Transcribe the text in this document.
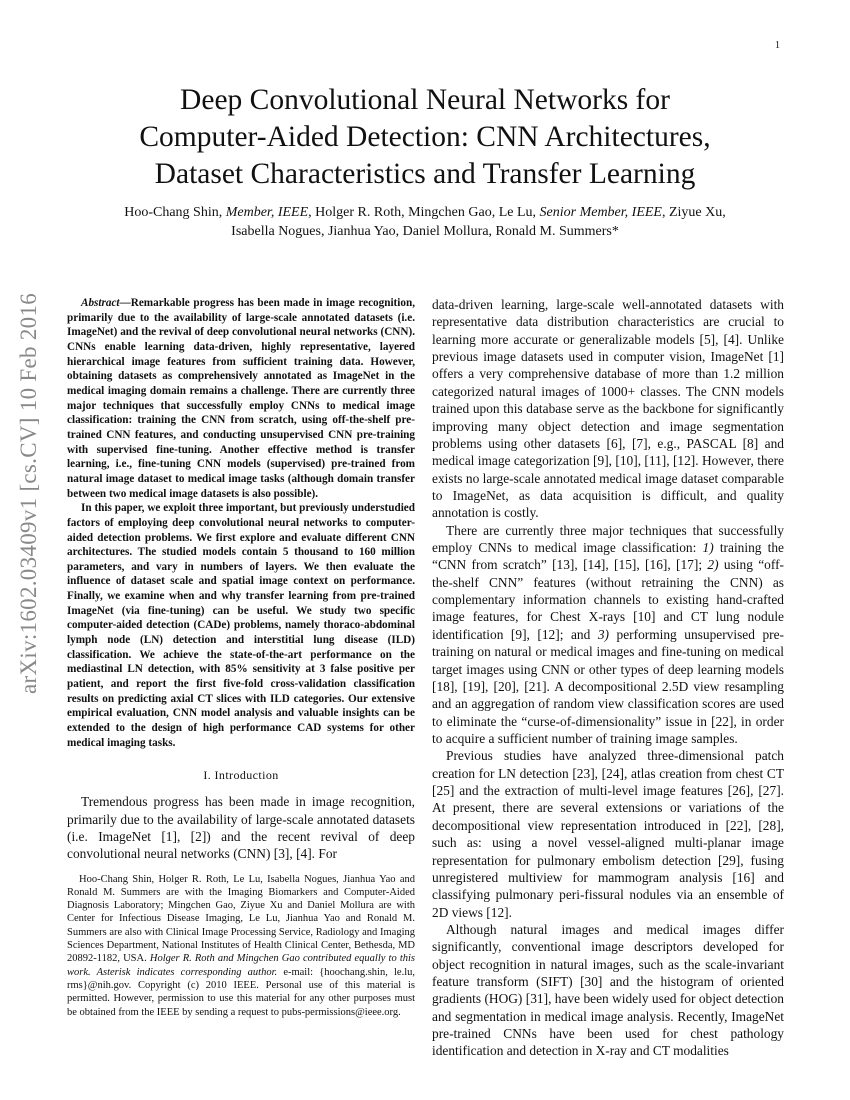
1
arXiv:1602.03409v1 [cs.CV] 10 Feb 2016
Deep Convolutional Neural Networks for
Computer-Aided Detection: CNN Architectures,
Dataset Characteristics and Transfer Learning
Hoo-Chang Shin, Member, IEEE, Holger R. Roth, Mingchen Gao, Le Lu, Senior Member, IEEE, Ziyue Xu,
Isabella Nogues, Jianhua Yao, Daniel Mollura, Ronald M. Summers*

Abstract—Remarkable progress has been made in image recognition, primarily due to the availability of large-scale annotated datasets (i.e. ImageNet) and the revival of deep convolutional neural networks (CNN). CNNs enable learning data-driven, highly representative, layered hierarchical image features from sufficient training data. However, obtaining datasets as comprehensively annotated as ImageNet in the medical imaging domain remains a challenge. There are currently three major techniques that successfully employ CNNs to medical image classification: training the CNN from scratch, using off-the-shelf pre-trained CNN features, and conducting unsupervised CNN pre-training with supervised fine-tuning. Another effective method is transfer learning, i.e., fine-tuning CNN models (supervised) pre-trained from natural image dataset to medical image tasks (although domain transfer between two medical image datasets is also possible).

In this paper, we exploit three important, but previously understudied factors of employing deep convolutional neural networks to computer-aided detection problems. We first explore and evaluate different CNN architectures. The studied models contain 5 thousand to 160 million parameters, and vary in numbers of layers. We then evaluate the influence of dataset scale and spatial image context on performance. Finally, we examine when and why transfer learning from pre-trained ImageNet (via fine-tuning) can be useful. We study two specific computer-aided detection (CADe) problems, namely thoraco-abdominal lymph node (LN) detection and interstitial lung disease (ILD) classification. We achieve the state-of-the-art performance on the mediastinal LN detection, with 85% sensitivity at 3 false positive per patient, and report the first five-fold cross-validation classification results on predicting axial CT slices with ILD categories. Our extensive empirical evaluation, CNN model analysis and valuable insights can be extended to the design of high performance CAD systems for other medical imaging tasks.

I. Introduction

Tremendous progress has been made in image recognition, primarily due to the availability of large-scale annotated datasets (i.e. ImageNet [1], [2]) and the recent revival of deep convolutional neural networks (CNN) [3], [4]. For

Hoo-Chang Shin, Holger R. Roth, Le Lu, Isabella Nogues, Jianhua Yao and Ronald M. Summers are with the Imaging Biomarkers and Computer-Aided Diagnosis Laboratory; Mingchen Gao, Ziyue Xu and Daniel Mollura are with Center for Infectious Disease Imaging, Le Lu, Jianhua Yao and Ronald M. Summers are also with Clinical Image Processing Service, Radiology and Imaging Sciences Department, National Institutes of Health Clinical Center, Bethesda, MD 20892-1182, USA. Holger R. Roth and Mingchen Gao contributed equally to this work. Asterisk indicates corresponding author. e-mail: {hoochang.shin, le.lu, rms}@nih.gov. Copyright (c) 2010 IEEE. Personal use of this material is permitted. However, permission to use this material for any other purposes must be obtained from the IEEE by sending a request to pubs-permissions@ieee.org.

data-driven learning, large-scale well-annotated datasets with representative data distribution characteristics are crucial to learning more accurate or generalizable models [5], [4]. Unlike previous image datasets used in computer vision, ImageNet [1] offers a very comprehensive database of more than 1.2 million categorized natural images of 1000+ classes. The CNN models trained upon this database serve as the backbone for significantly improving many object detection and image segmentation problems using other datasets [6], [7], e.g., PASCAL [8] and medical image categorization [9], [10], [11], [12]. However, there exists no large-scale annotated medical image dataset comparable to ImageNet, as data acquisition is difficult, and quality annotation is costly.

There are currently three major techniques that successfully employ CNNs to medical image classification: 1) training the “CNN from scratch” [13], [14], [15], [16], [17]; 2) using “off-the-shelf CNN” features (without retraining the CNN) as complementary information channels to existing hand-crafted image features, for Chest X-rays [10] and CT lung nodule identification [9], [12]; and 3) performing unsupervised pre-training on natural or medical images and fine-tuning on medical target images using CNN or other types of deep learning models [18], [19], [20], [21]. A decompositional 2.5D view resampling and an aggregation of random view classification scores are used to eliminate the “curse-of-dimensionality” issue in [22], in order to acquire a sufficient number of training image samples.

Previous studies have analyzed three-dimensional patch creation for LN detection [23], [24], atlas creation from chest CT [25] and the extraction of multi-level image features [26], [27]. At present, there are several extensions or variations of the decompositional view representation introduced in [22], [28], such as: using a novel vessel-aligned multi-planar image representation for pulmonary embolism detection [29], fusing unregistered multiview for mammogram analysis [16] and classifying pulmonary peri-fissural nodules via an ensemble of 2D views [12].

Although natural images and medical images differ significantly, conventional image descriptors developed for object recognition in natural images, such as the scale-invariant feature transform (SIFT) [30] and the histogram of oriented gradients (HOG) [31], have been widely used for object detection and segmentation in medical image analysis. Recently, ImageNet pre-trained CNNs have been used for chest pathology identification and detection in X-ray and CT modalities
